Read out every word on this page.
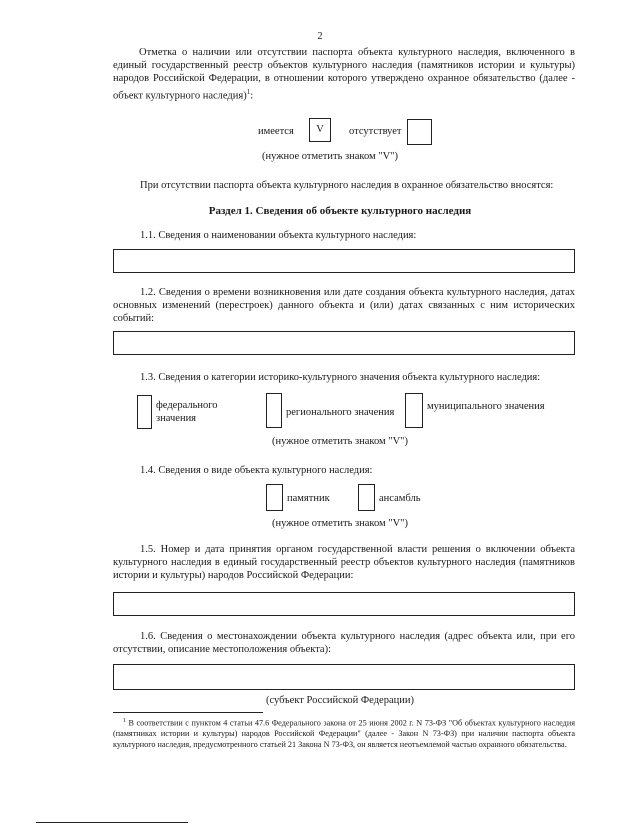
2
Отметка о наличии или отсутствии паспорта объекта культурного наследия, включенного в единый государственный реестр объектов культурного наследия (памятников истории и культуры) народов Российской Федерации, в отношении которого утверждено охранное обязательство (далее - объект культурного наследия)$^1$:
имеется	V	отсутствует
(нужное отметить знаком "V")
При отсутствии паспорта объекта культурного наследия в охранное обязательство вносятся:
Раздел 1. Сведения об объекте культурного наследия
1.1. Сведения о наименовании объекта культурного наследия:
1.2. Сведения о времени возникновения или дате создания объекта культурного наследия, датах основных изменений (перестроек) данного объекта и (или) датах связанных с ним исторических событий:
1.3. Сведения о категории историко-культурного значения объекта культурного наследия:
федерального
значения
регионального значения
муниципального значения
(нужное отметить знаком "V")
1.4. Сведения о виде объекта культурного наследия:
памятник	ансамбль
(нужное отметить знаком "V")
1.5. Номер и дата принятия органом государственной власти решения о включении объекта культурного наследия в единый государственный реестр объектов культурного наследия (памятников истории и культуры) народов Российской Федерации:
1.6. Сведения о местонахождении объекта культурного наследия (адрес объекта или, при его отсутствии, описание местоположения объекта):
(субъект Российской Федерации)
$^1$ В соответствии с пунктом 4 статьи 47.6 Федерального закона от 25 июня 2002 г. N 73-ФЗ "Об объектах культурного наследия (памятниках истории и культуры) народов Российской Федерации" (далее - Закон N 73-ФЗ) при наличии паспорта объекта культурного наследия, предусмотренного статьей 21 Закона N 73-ФЗ, он является неотъемлемой частью охранного обязательства.
